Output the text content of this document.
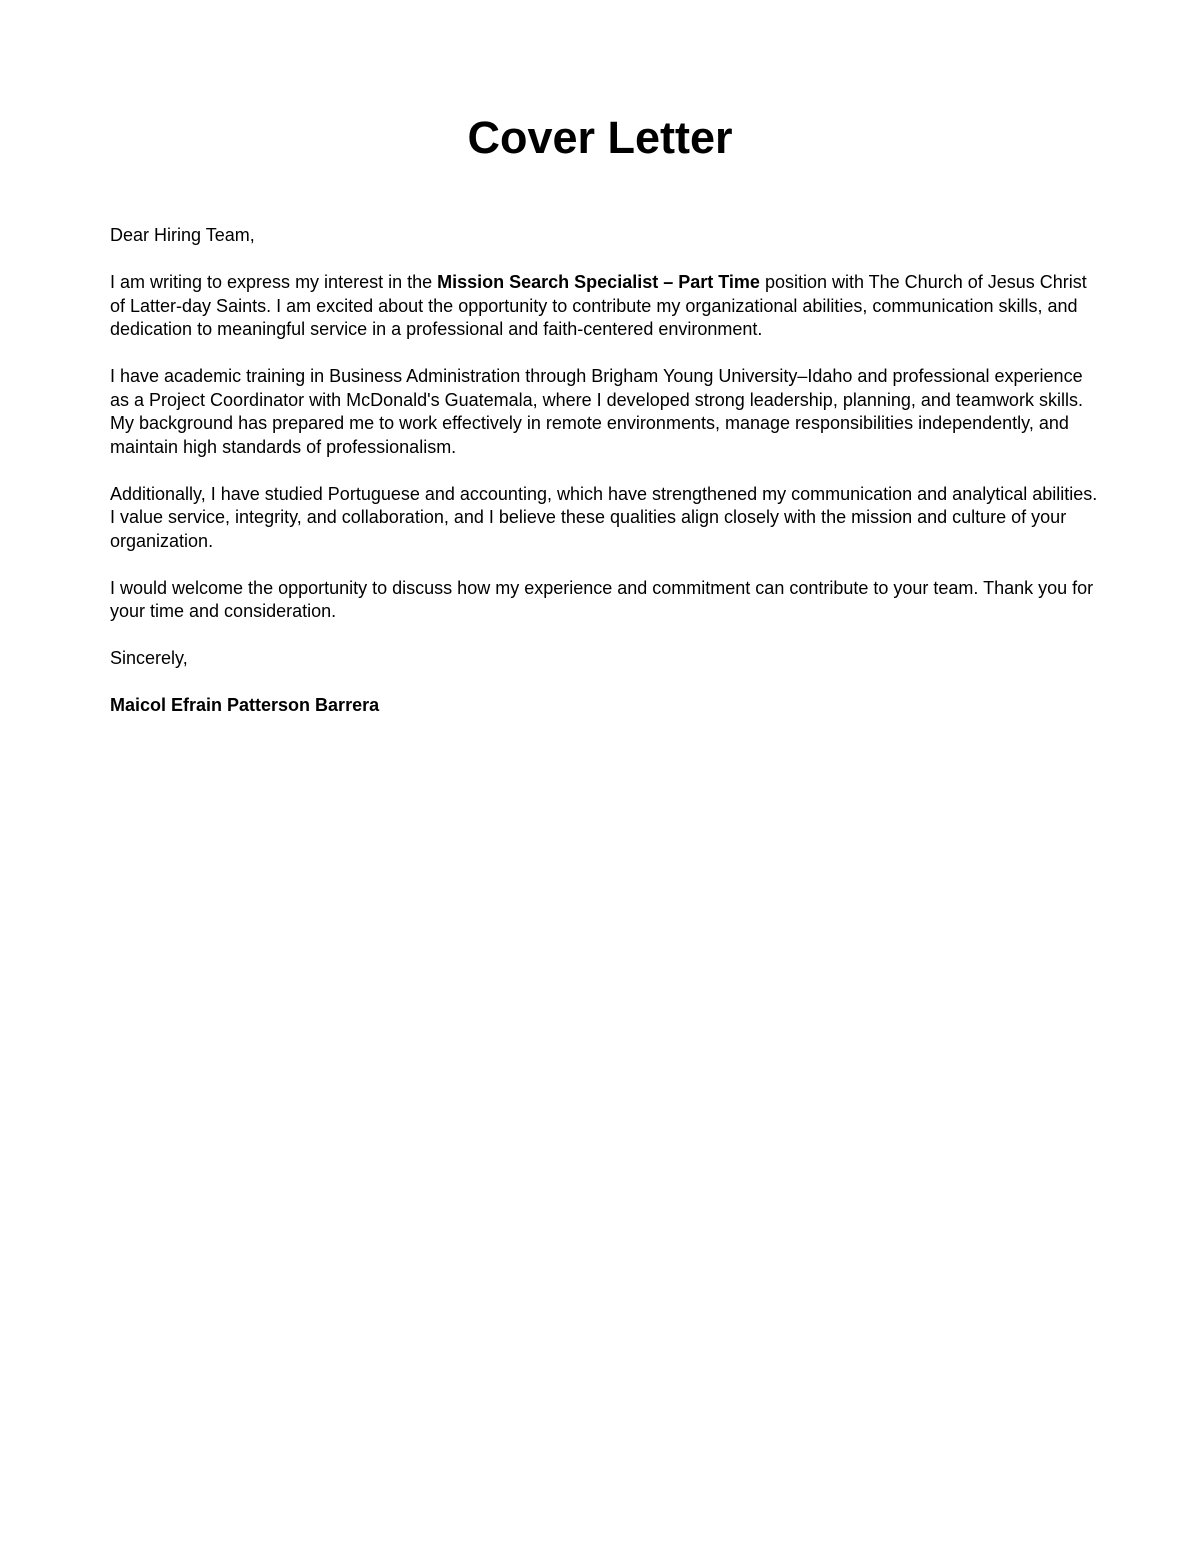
Cover Letter

Dear Hiring Team,

I am writing to express my interest in the Mission Search Specialist – Part Time position with The Church of Jesus Christ of Latter-day Saints. I am excited about the opportunity to contribute my organizational abilities, communication skills, and dedication to meaningful service in a professional and faith-centered environment.

I have academic training in Business Administration through Brigham Young University–Idaho and professional experience as a Project Coordinator with McDonald's Guatemala, where I developed strong leadership, planning, and teamwork skills. My background has prepared me to work effectively in remote environments, manage responsibilities independently, and maintain high standards of professionalism.

Additionally, I have studied Portuguese and accounting, which have strengthened my communication and analytical abilities. I value service, integrity, and collaboration, and I believe these qualities align closely with the mission and culture of your organization.

I would welcome the opportunity to discuss how my experience and commitment can contribute to your team. Thank you for your time and consideration.

Sincerely,

Maicol Efrain Patterson Barrera
